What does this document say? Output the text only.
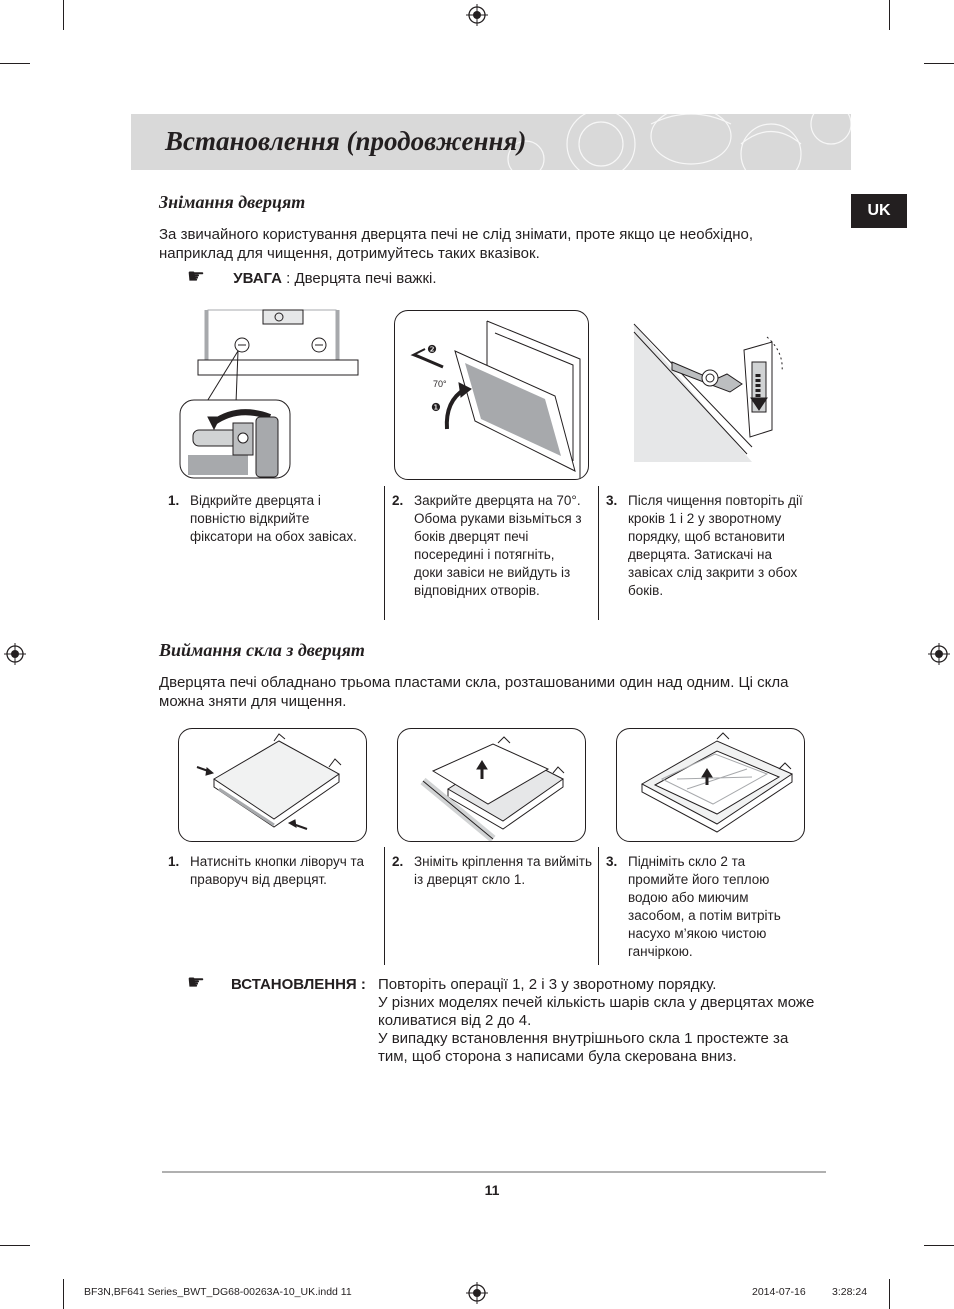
Встановлення (продовження)
UK
Знімання дверцят
За звичайного користування дверцята печі не слід знімати, проте якщо це необхідно, наприклад для чищення, дотримуйтесь таких вказівок.
☛ УВАГА : Дверцята печі важкі.
70°
❷
❶
1. Відкрийте дверцята і повністю відкрийте фіксатори на обох завісах.
2. Закрийте дверцята на 70°. Обома руками візьміться з боків дверцят печі посередині і потягніть, доки завіси не вийдуть із відповідних отворів.
3. Після чищення повторіть дії кроків 1 і 2 у зворотному порядку, щоб встановити дверцята. Затискачі на завісах слід закрити з обох боків.
Виймання скла з дверцят
Дверцята печі обладнано трьома пластами скла, розташованими один над одним. Ці скла можна зняти для чищення.
1. Натисніть кнопки ліворуч та праворуч від дверцят.
2. Зніміть кріплення та вийміть із дверцят скло 1.
3. Підніміть скло 2 та промийте його теплою водою або миючим засобом, а потім витріть насухо м’якою чистою ганчіркою.
☛ ВСТАНОВЛЕННЯ : Повторіть операції 1, 2 і 3 у зворотному порядку.
У різних моделях печей кількість шарів скла у дверцятах може коливатися від 2 до 4.
У випадку встановлення внутрішнього скла 1 простежте за тим, щоб сторона з написами була скерована вниз.
11
BF3N,BF641 Series_BWT_DG68-00263A-10_UK.indd 11	2014-07-16	3:28:24
